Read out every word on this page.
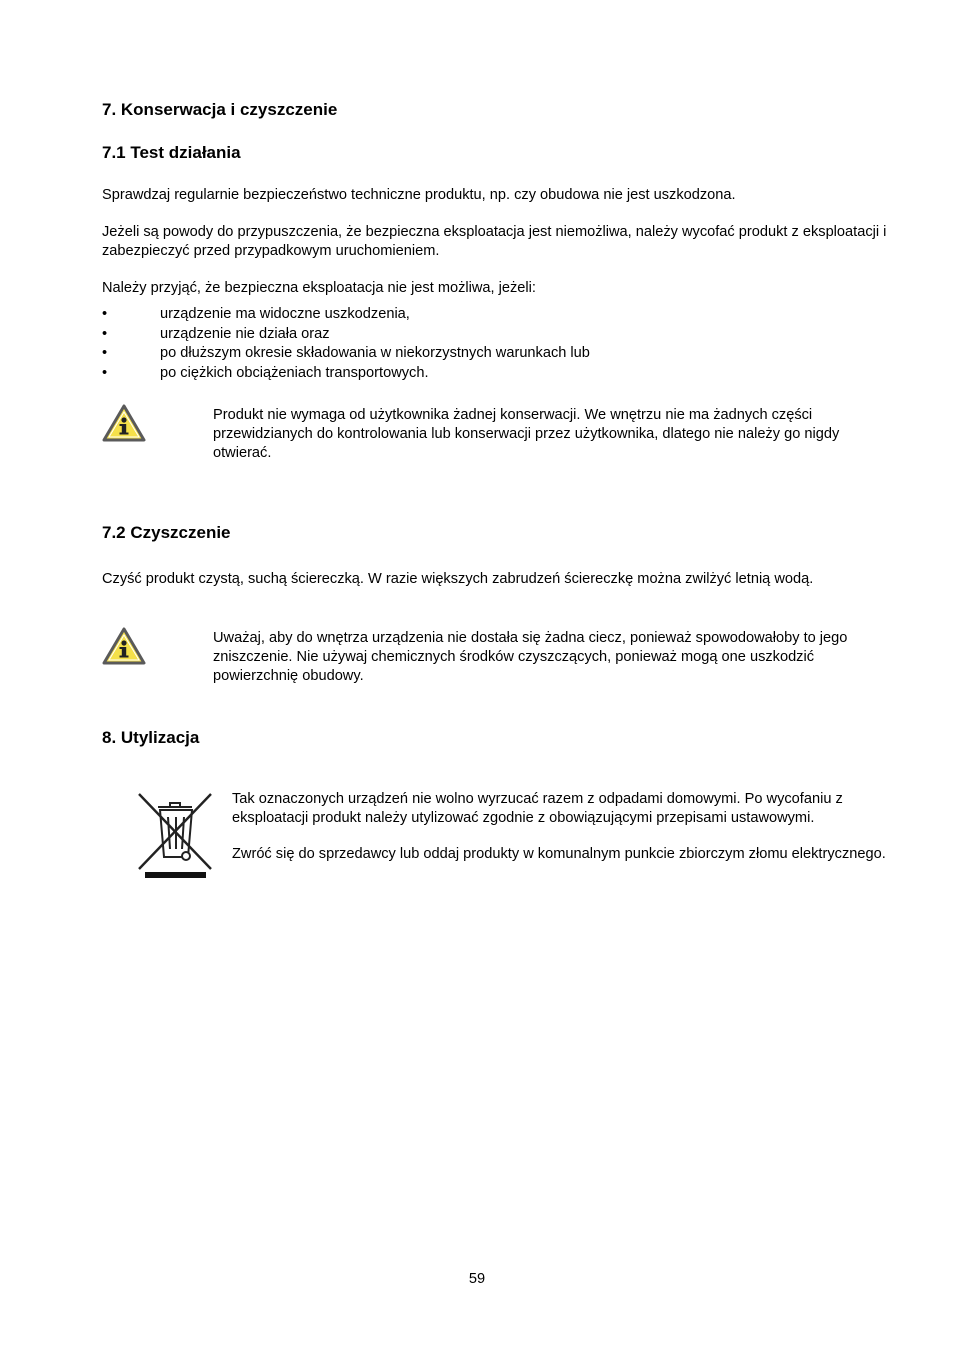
7. Konserwacja i czyszczenie
7.1 Test działania

Sprawdzaj regularnie bezpieczeństwo techniczne produktu, np. czy obudowa nie jest uszkodzona.

Jeżeli są powody do przypuszczenia, że bezpieczna eksploatacja jest niemożliwa, należy wycofać produkt z eksploatacji i zabezpieczyć przed przypadkowym uruchomieniem.

Należy przyjąć, że bezpieczna eksploatacja nie jest możliwa, jeżeli:

•	urządzenie ma widoczne uszkodzenia,
•	urządzenie nie działa oraz
•	po dłuższym okresie składowania w niekorzystnych warunkach lub
•	po ciężkich obciążeniach transportowych.

Produkt nie wymaga od użytkownika żadnej konserwacji. We wnętrzu nie ma żadnych części przewidzianych do kontrolowania lub konserwacji przez użytkownika, dlatego nie należy go nigdy otwierać.

7.2 Czyszczenie

Czyść produkt czystą, suchą ściereczką. W razie większych zabrudzeń ściereczkę można zwilżyć letnią wodą.

Uważaj, aby do wnętrza urządzenia nie dostała się żadna ciecz, ponieważ spowodowałoby to jego zniszczenie. Nie używaj chemicznych środków czyszczących, ponieważ mogą one uszkodzić powierzchnię obudowy.

8. Utylizacja

Tak oznaczonych urządzeń nie wolno wyrzucać razem z odpadami domowymi. Po wycofaniu z eksploatacji produkt należy utylizować zgodnie z obowiązującymi przepisami ustawowymi.

Zwróć się do sprzedawcy lub oddaj produkty w komunalnym punkcie zbiorczym złomu elektrycznego.

59
